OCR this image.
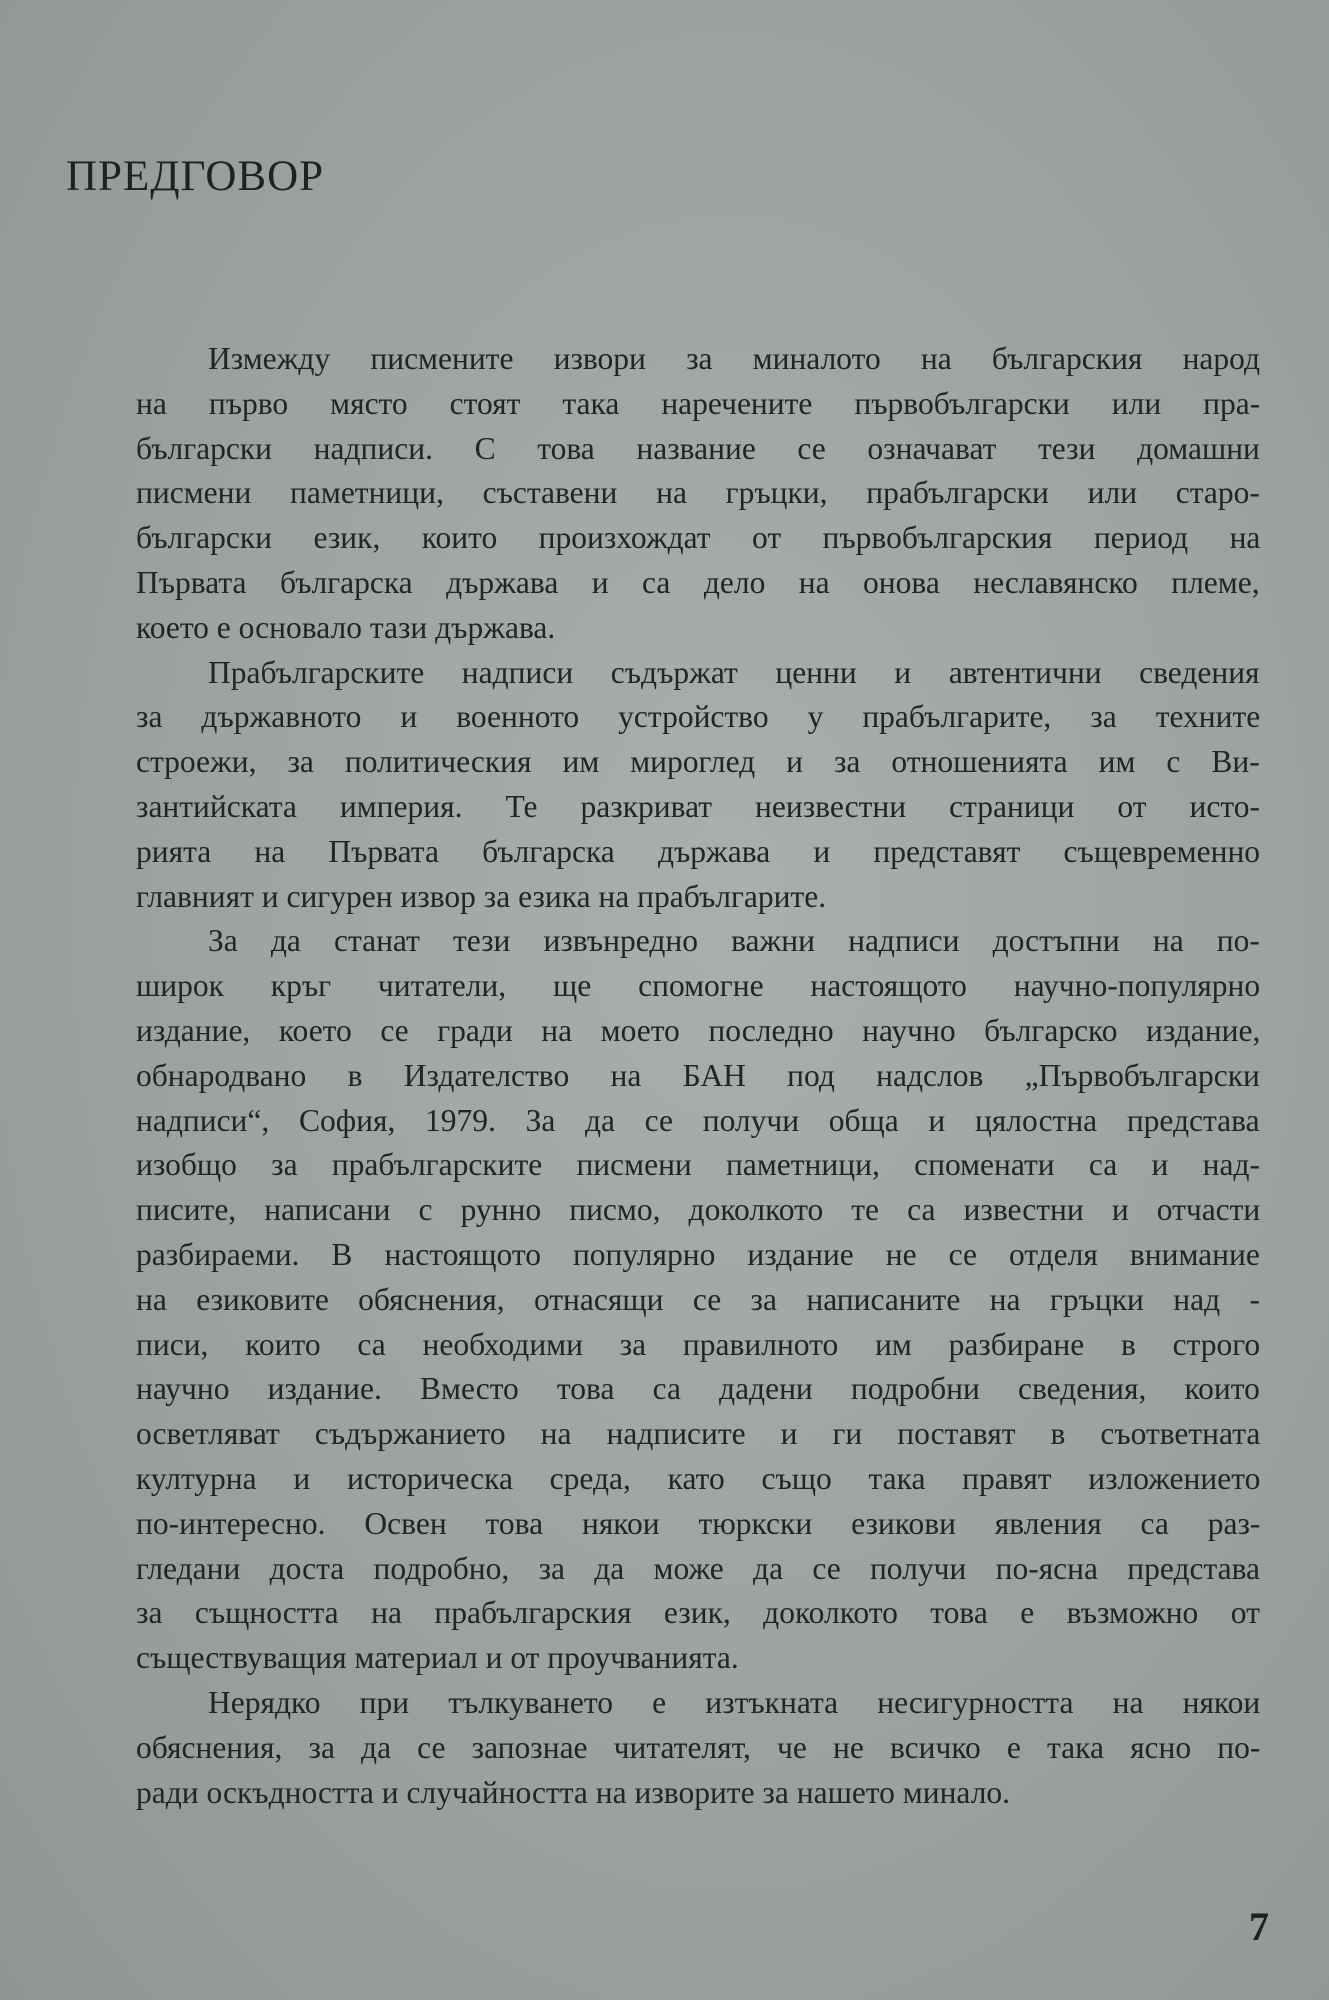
ПРЕДГОВОР
Измежду писмените извори за миналото на българския народ
на първо място стоят така наречените първобългарски или пра-
български надписи. С това название се означават тези домашни
писмени паметници, съставени на гръцки, прабългарски или старо-
български език, които произхождат от първобългарския период на
Първата българска държава и са дело на онова неславянско племе,
което е основало тази държава.
Прабългарските надписи съдържат ценни и автентични сведения
за държавното и военното устройство у прабългарите, за техните
строежи, за политическия им мироглед и за отношенията им с Ви-
зантийската империя. Те разкриват неизвестни страници от исто-
рията на Първата българска държава и представят същевременно
главният и сигурен извор за езика на прабългарите.
За да станат тези извънредно важни надписи достъпни на по-
широк кръг читатели, ще спомогне настоящото научно-популярно
издание, което се гради на моето последно научно българско издание,
обнародвано в Издателство на БАН под надслов „Първобългарски
надписи“, София, 1979. За да се получи обща и цялостна представа
изобщо за прабългарските писмени паметници, споменати са и над-
писите, написани с рунно писмо, доколкото те са известни и отчасти
разбираеми. В настоящото популярно издание не се отделя внимание
на езиковите обяснения, отнасящи се за написаните на гръцки над -
писи, които са необходими за правилното им разбиране в строго
научно издание. Вместо това са дадени подробни сведения, които
осветляват съдържанието на надписите и ги поставят в съответната
културна и историческа среда, като също така правят изложението
по-интересно. Освен това някои тюркски езикови явления са раз-
гледани доста подробно, за да може да се получи по-ясна представа
за същността на прабългарския език, доколкото това е възможно от
съществуващия материал и от проучванията.
Нерядко при тълкуването е изтъкната несигурността на някои
обяснения, за да се запознае читателят, че не всичко е така ясно по-
ради оскъдността и случайността на изворите за нашето минало.
7
